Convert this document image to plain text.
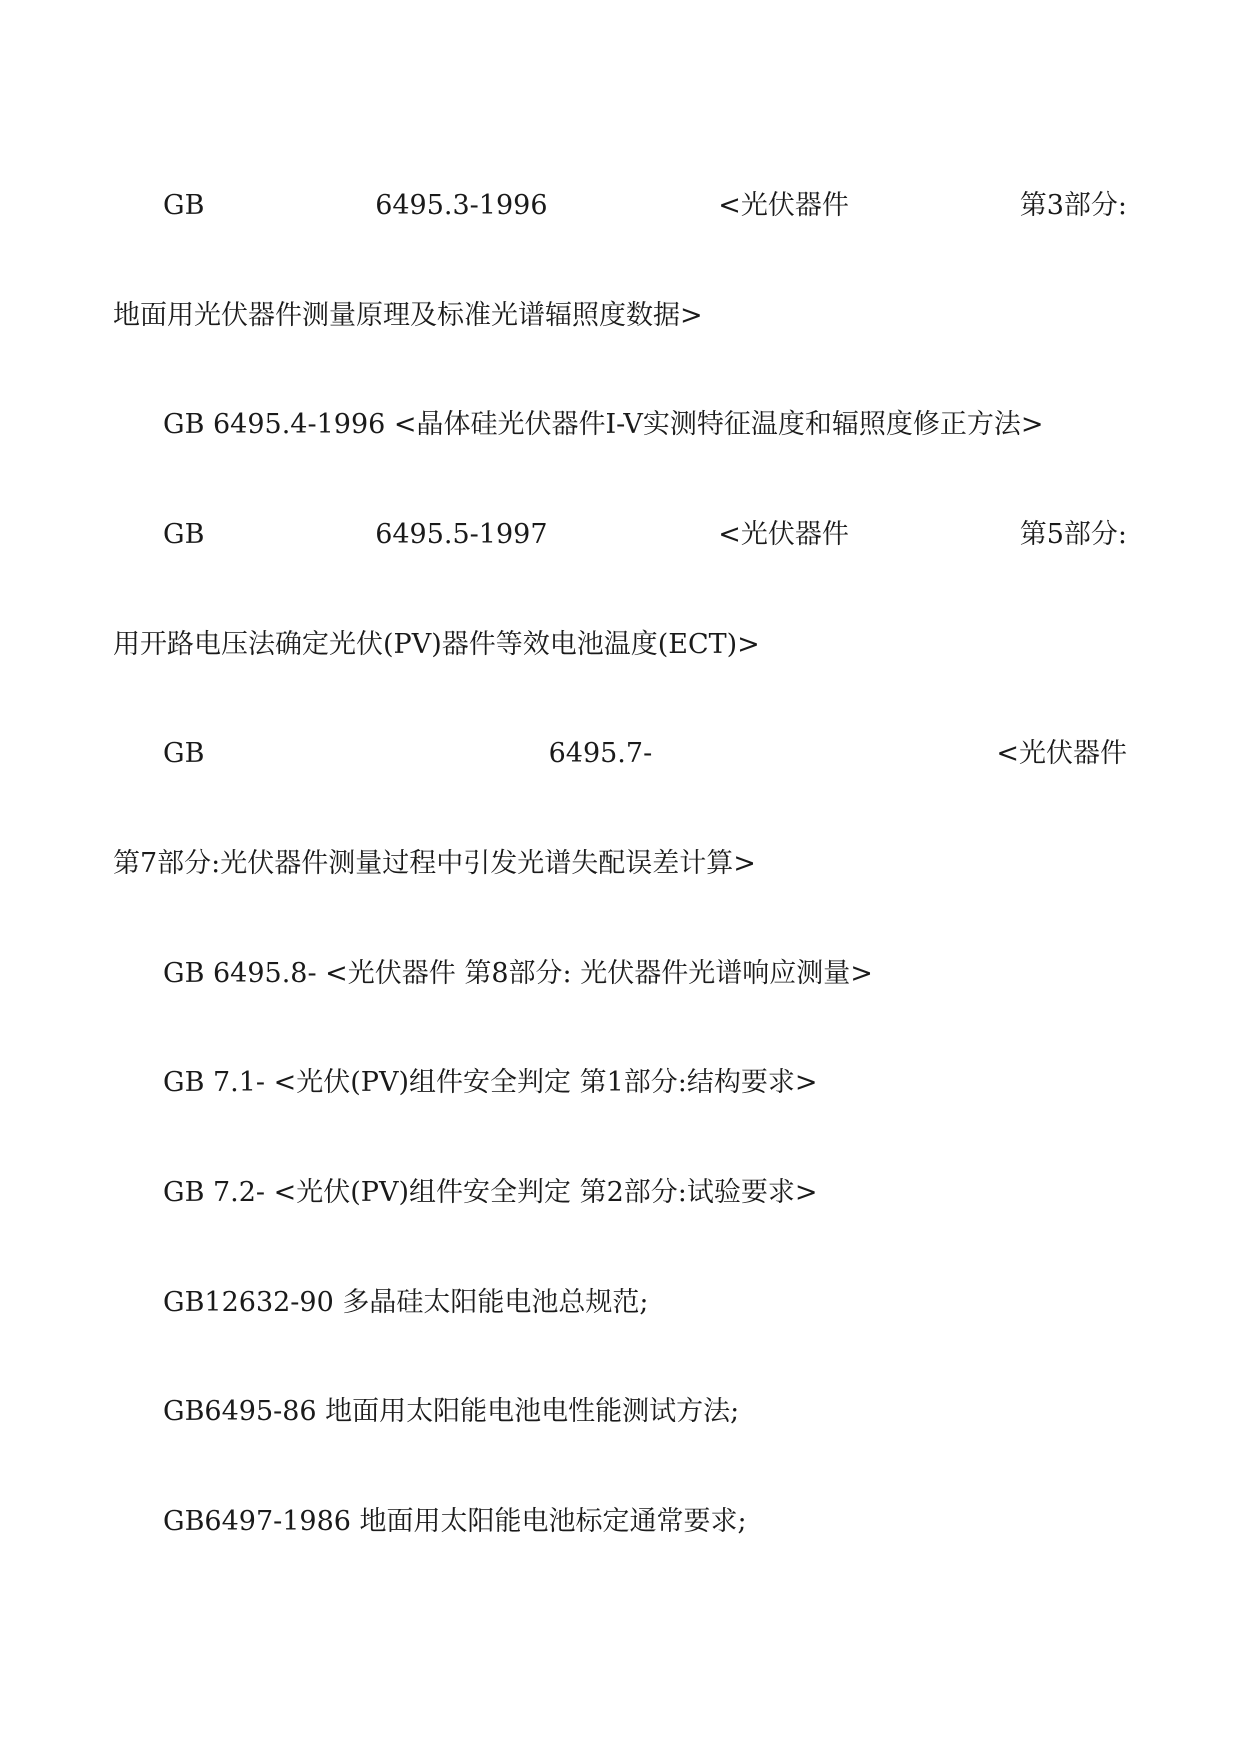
GB	6495.3-1996	<光伏器件	第3部分:
地面用光伏器件测量原理及标准光谱辐照度数据>
GB 6495.4-1996 <晶体硅光伏器件I-V实测特征温度和辐照度修正方法>
GB	6495.5-1997	<光伏器件	第5部分:
用开路电压法确定光伏(PV)器件等效电池温度(ECT)>
GB	6495.7-	<光伏器件
第7部分:光伏器件测量过程中引发光谱失配误差计算>
GB 6495.8- <光伏器件 第8部分: 光伏器件光谱响应测量>
GB 7.1- <光伏(PV)组件安全判定 第1部分:结构要求>
GB 7.2- <光伏(PV)组件安全判定 第2部分:试验要求>
GB12632-90 多晶硅太阳能电池总规范;
GB6495-86 地面用太阳能电池电性能测试方法;
GB6497-1986 地面用太阳能电池标定通常要求;
